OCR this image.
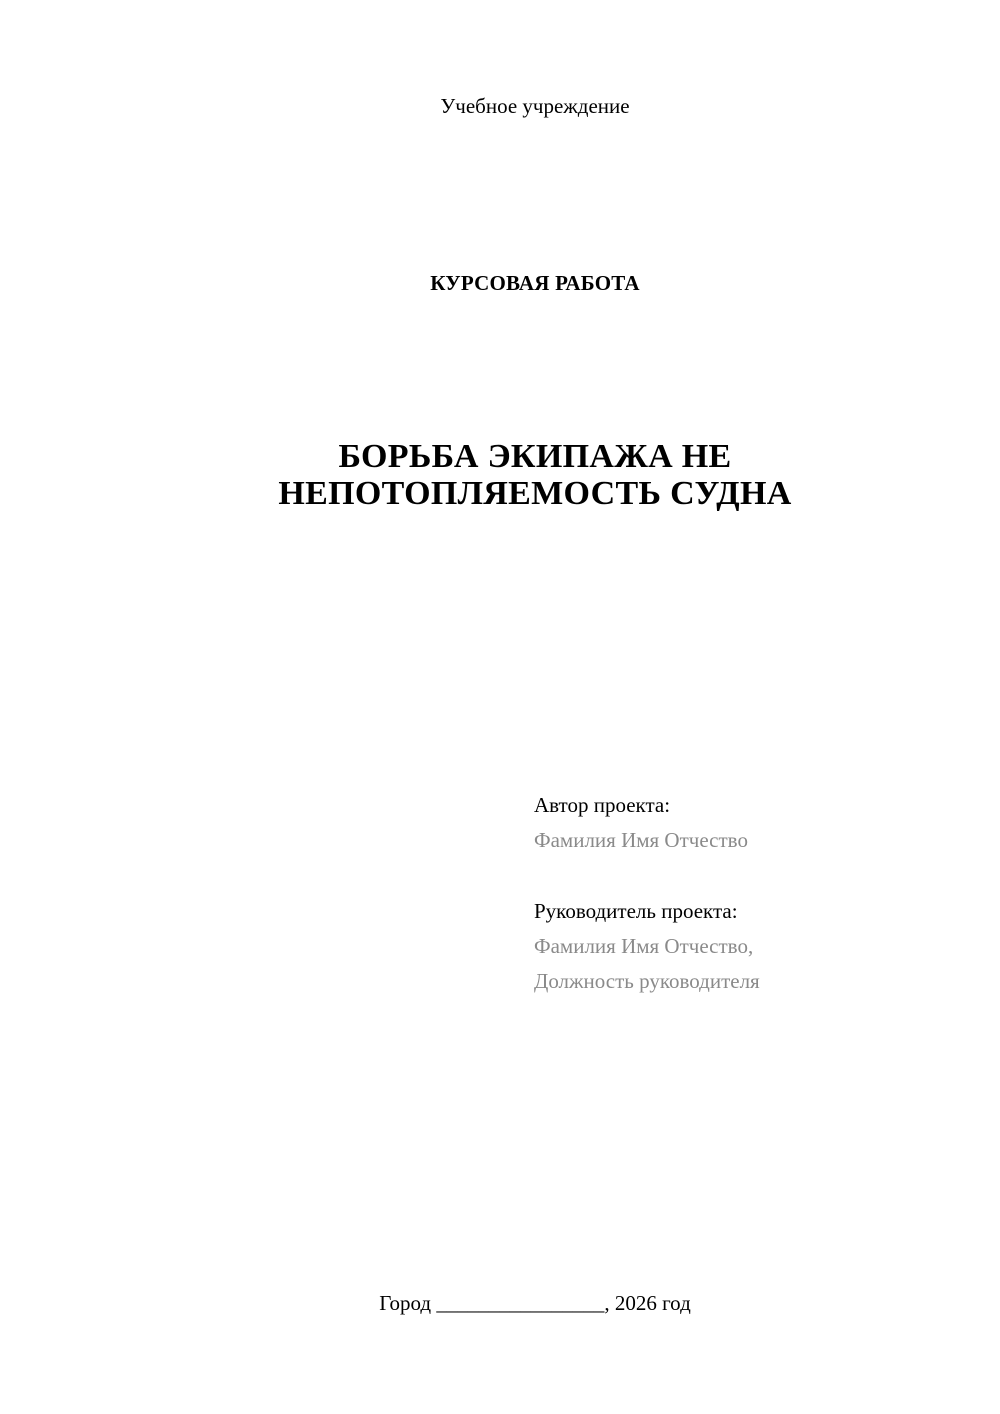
Учебное учреждение
КУРСОВАЯ РАБОТА
БОРЬБА ЭКИПАЖА НЕ
НЕПОТОПЛЯЕМОСТЬ СУДНА
Автор проекта:
Фамилия Имя Отчество
Руководитель проекта:
Фамилия Имя Отчество,
Должность руководителя
Город ________________, 2026 год
